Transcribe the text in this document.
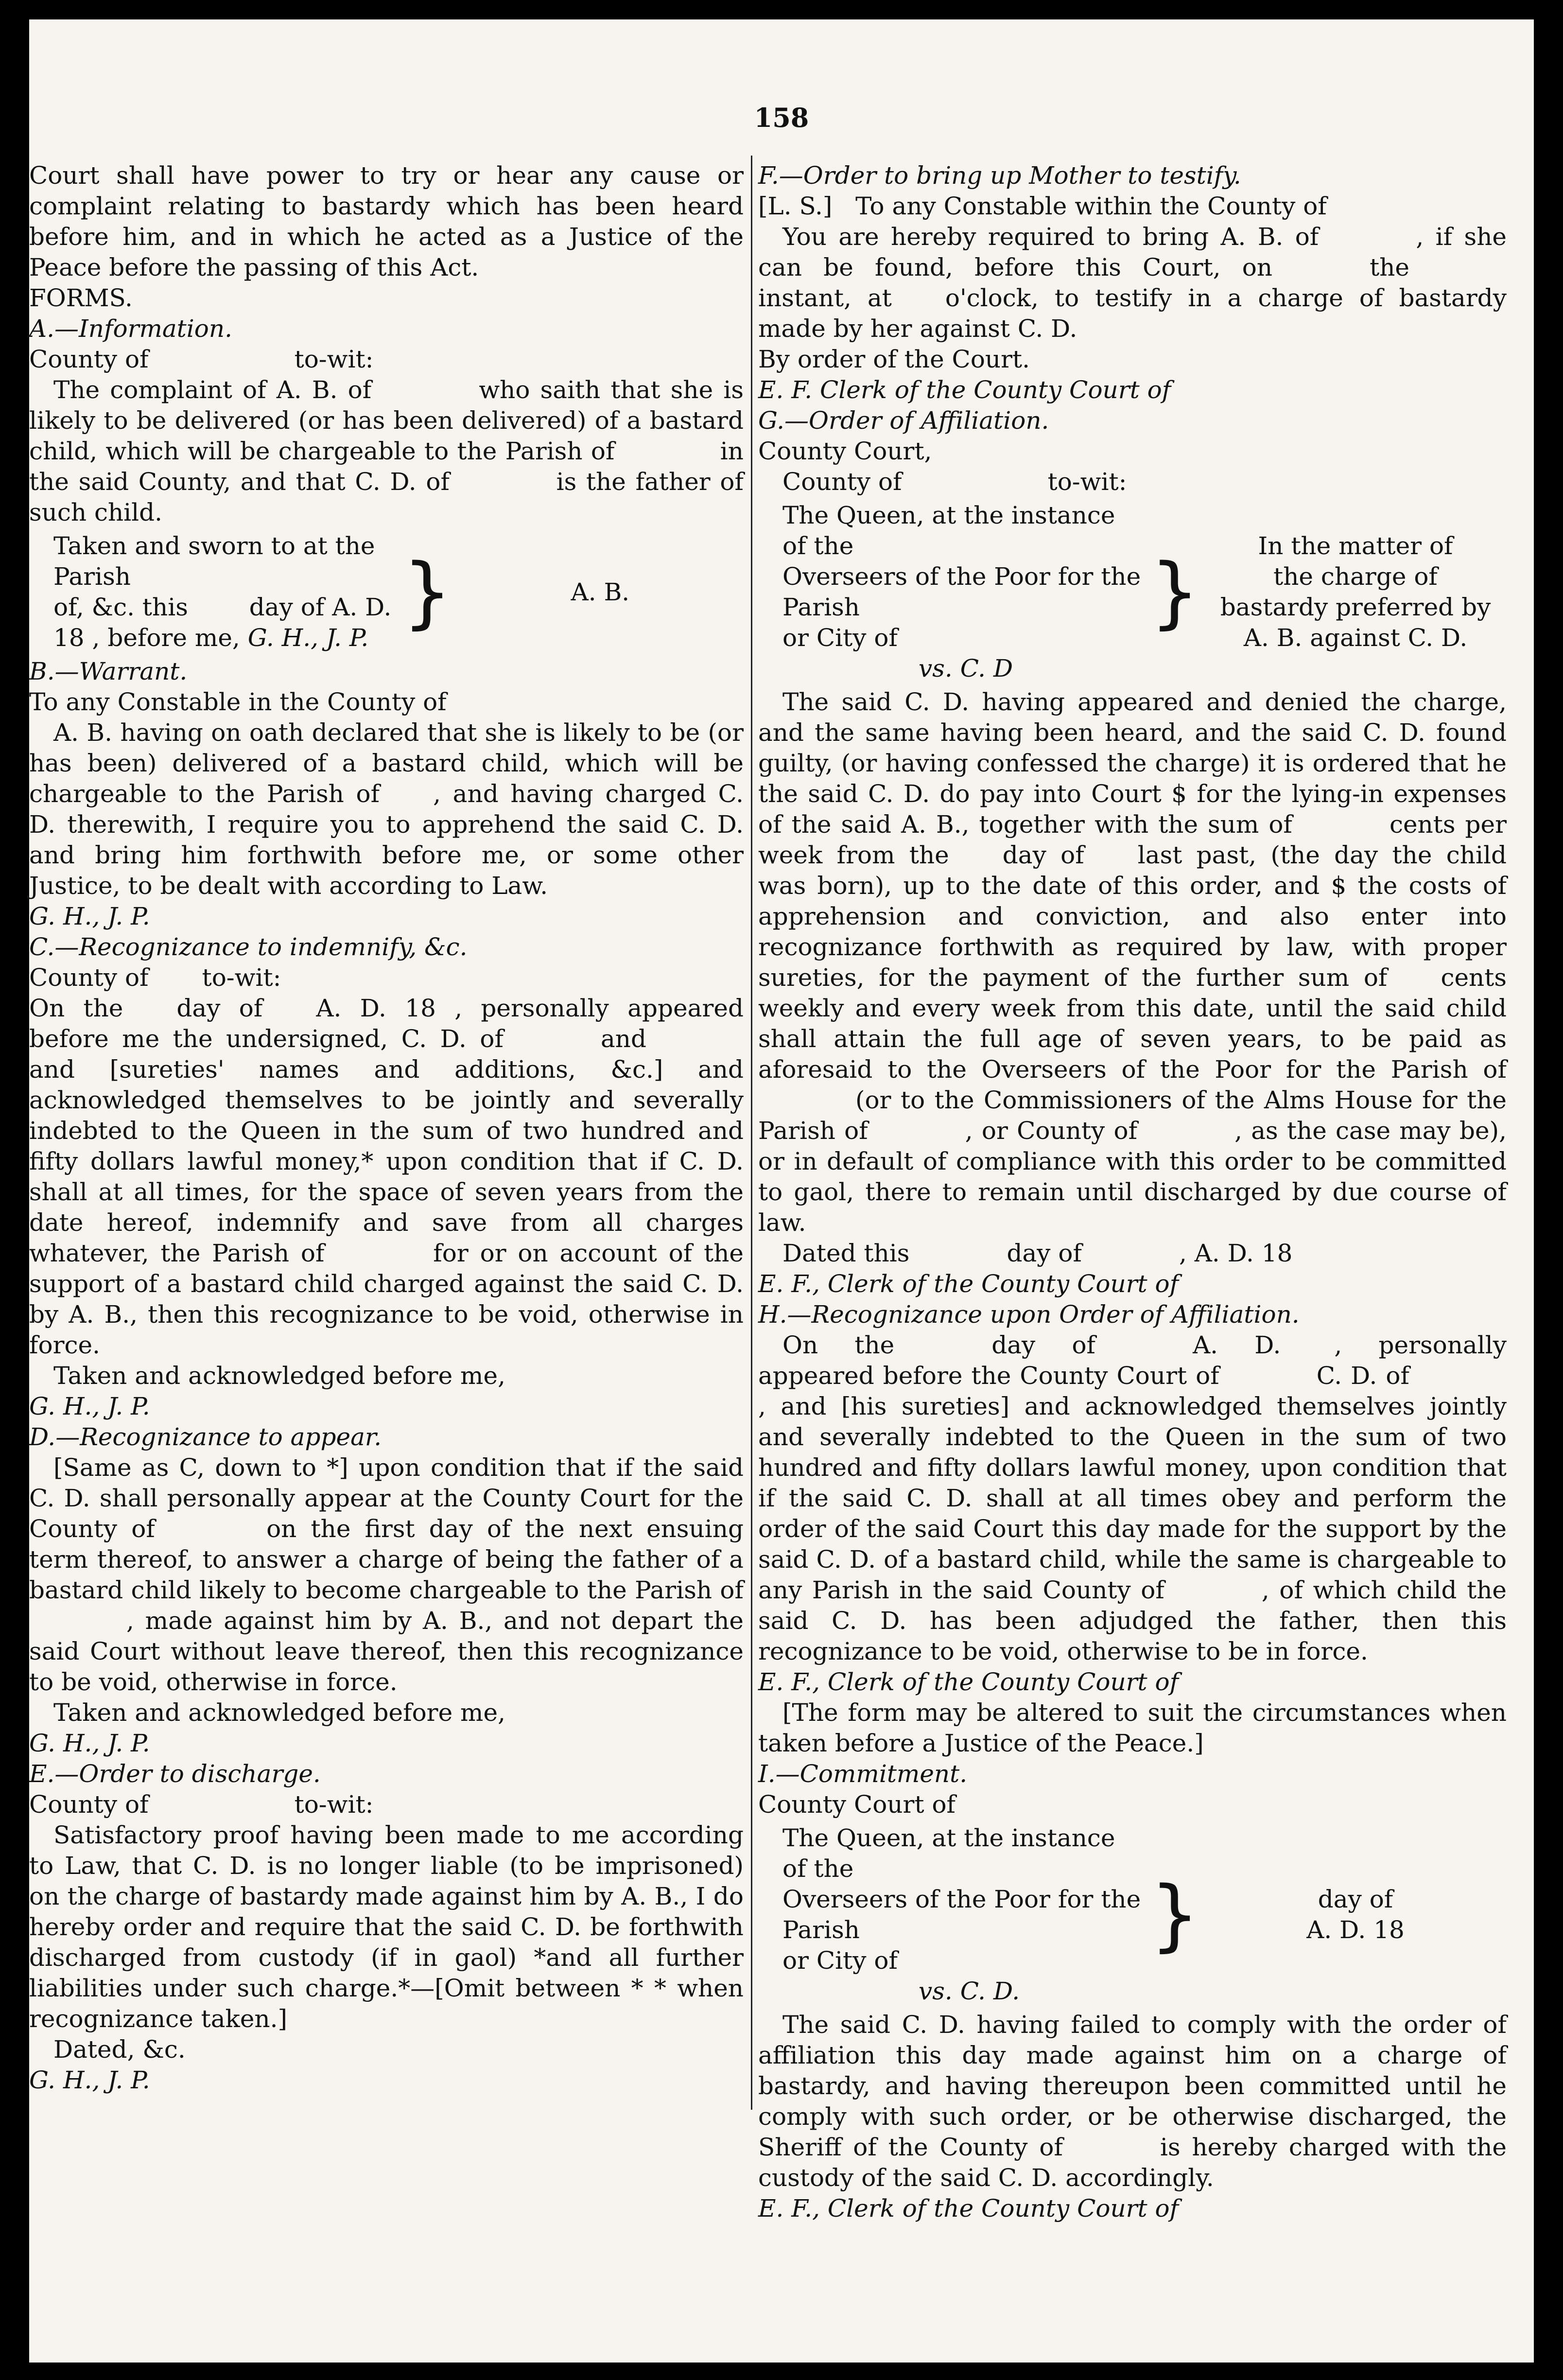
158

Court shall have power to try or hear any cause or complaint relating to bastardy which has been heard before him, and in which he acted as a Justice of the Peace before the passing of this Act.

FORMS.

A.—Information.

County of	to-wit:

The complaint of A. B. of	who saith that she is likely to be delivered (or has been delivered) of a bastard child, which will be chargeable to the Parish of	in the said County, and that C. D. of	is the father of such child.

Taken and sworn to at the Parish
of, &c. this	day of A. D.
18 , before me, G. H., J. P.
}	A. B.

B.—Warrant.

To any Constable in the County of

A. B. having on oath declared that she is likely to be (or has been) delivered of a bastard child, which will be chargeable to the Parish of , and having charged C. D. therewith, I require you to apprehend the said C. D. and bring him forthwith before me, or some other Justice, to be dealt with according to Law.

G. H., J. P.

C.—Recognizance to indemnify, &c.

County of to-wit:

On the day of A. D. 18 , personally appeared before me the undersigned, C. D. of	andand [sureties' names and additions, &c.] and acknowledged themselves to be jointly and severally indebted to the Queen in the sum of two hundred and fifty dollars lawful money,* upon condition that if C. D. shall at all times, for the space of seven years from the date hereof, indemnify and save from all charges whatever, the Parish of	for or on account of the support of a bastard child charged against the said C. D. by A. B., then this recognizance to be void, otherwise in force.

Taken and acknowledged before me,

G. H., J. P.

D.—Recognizance to appear.

[Same as C, down to *] upon condition that if the said C. D. shall personally appear at the County Court for the County of	on the first day of the next ensuing term thereof, to answer a charge of being the father of a bastard child likely to become chargeable to the Parish of, made against him by A. B., and not depart the said Court without leave thereof, then this recognizance to be void, otherwise in force.

Taken and acknowledged before me,

G. H., J. P.

E.—Order to discharge.

County of	to-wit:

Satisfactory proof having been made to me according to Law, that C. D. is no longer liable (to be imprisoned) on the charge of bastardy made against him by A. B., I do hereby order and require that the said C. D. be forthwith discharged from custody (if in gaol) *and all further liabilities under such charge.*—[Omit between * * when recognizance taken.]

Dated, &c.

G. H., J. P.

F.—Order to bring up Mother to testify.

[L. S.] To any Constable within the County of

You are hereby required to bring A. B. of	, if she can be found, before this Court, on	theinstant, at o'clock, to testify in a charge of bastardy made by her against C. D.

By order of the Court.

E. F. Clerk of the County Court of

G.—Order of Affiliation.

County Court,

County of	to-wit:

The Queen, at the instance of the
Overseers of the Poor for the Parish
or City of
vs. C. D
}
In the matter of
the charge of
bastardy preferred by
A. B. against C. D.

The said C. D. having appeared and denied the charge, and the same having been heard, and the said C. D. found guilty, (or having confessed the charge) it is ordered that he the said C. D. do pay into Court $ for the lying-in expenses of the said A. B., together with the sum of	cents per week from the day of last past, (the day the child was born), up to the date of this order, and $ the costs of apprehension and conviction, and also enter into recognizance forthwith as required by law, with proper sureties, for the payment of the further sum of cents weekly and every week from this date, until the said child shall attain the full age of seven years, to be paid as aforesaid to the Overseers of the Poor for the Parish of(or to the Commissioners of the Alms House for the Parish of	, or County of	, as the case may be), or in default of compliance with this order to be committed to gaol, there to remain until discharged by due course of law.

Dated this	day of	, A. D. 18

E. F., Clerk of the County Court of

H.—Recognizance upon Order of Affiliation.

On the	day of	A. D. , personally appeared before the County Court of	C. D. of, and [his sureties] and acknowledged themselves jointly and severally indebted to the Queen in the sum of two hundred and fifty dollars lawful money, upon condition that if the said C. D. shall at all times obey and perform the order of the said Court this day made for the support by the said C. D. of a bastard child, while the same is chargeable to any Parish in the said County of	, of which child the said C. D. has been adjudged the father, then this recognizance to be void, otherwise to be in force.

E. F., Clerk of the County Court of

[The form may be altered to suit the circumstances when taken before a Justice of the Peace.]

I.—Commitment.

County Court of

The Queen, at the instance of the
Overseers of the Poor for the Parish
or City of
vs. C. D.
}	day of
A. D. 18

The said C. D. having failed to comply with the order of affiliation this day made against him on a charge of bastardy, and having thereupon been committed until he comply with such order, or be otherwise discharged, the Sheriff of the County of	is hereby charged with the custody of the said C. D. accordingly.

E. F., Clerk of the County Court of
